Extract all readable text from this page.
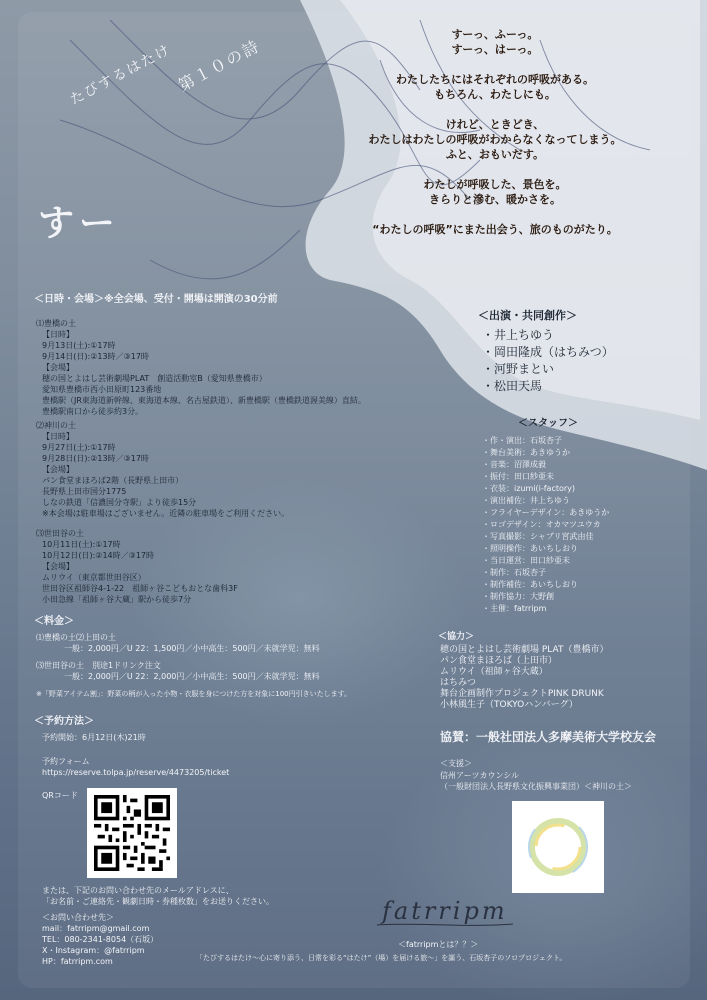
たびするはたけ 第１０の詩
すー

すーっ、ふーっ。

すーっ、はーっ。

わたしたちにはそれぞれの呼吸がある。

もちろん、わたしにも。

けれど、ときどき、

わたしはわたしの呼吸がわからなくなってしまう。

ふと、おもいだす。

わたしが呼吸した、景色を。

きらりと滲む、暖かさを。

“わたしの呼吸”にまた出会う、旅のものがたり。

＜日時・会場＞※全会場、受付・開場は開演の30分前
⑴豊橋の土
【日時】
9月13日(土):①17時
9月14日(日):②13時／③17時
【会場】
穂の国とよはし芸術劇場PLAT　創造活動室B（愛知県豊橋市）
愛知県豊橋市西小田原町123番地
豊橋駅（JR東海道新幹線、東海道本線、名古屋鉄道）、新豊橋駅（豊橋鉄道渥美線）直結。
豊橋駅南口から徒歩約3分。
⑵神川の土
【日時】
9月27日(土):①17時
9月28日(日):②13時／③17時
【会場】
パン食堂まほろば2階（長野県上田市）
長野県上田市国分1775
しなの鉄道「信濃国分寺駅」より徒歩15分
※本会場は駐車場はございません。近隣の駐車場をご利用ください。
⑶世田谷の土
10月11日(土):①17時
10月12日(日):②14時／③17時
【会場】
ムリウイ（東京都世田谷区）
世田谷区祖師谷4-1-22　祖師ヶ谷こどもおとな歯科3F
小田急線「祖師ヶ谷大蔵」駅から徒歩7分
＜料金＞
⑴豊橋の土⑵上田の土
一般：2,000円／U 22：1,500円／小中高生：500円／未就学児：無料
⑶世田谷の土　別途1ドリンク注文
一般：2,000円／U 22：2,000円／小中高生：500円／未就学児：無料
※「野菜アイテム割」：野菜の柄が入った小物・衣服を身につけた方を対象に100円引きいたします。
＜予約方法＞
予約開始：6月12日(木)21時
予約フォーム
https://reserve.tolpa.jp/reserve/4473205/ticket
QRコード
または、下記のお問い合わせ先のメールアドレスに、
「お名前・ご連絡先・観劇日時・券種枚数」をお送りください。
＜お問い合わせ先＞
mail：fatrripm@gmail.com
TEL：080-2341-8054（石坂）
X・Instagram：@fatrripm
HP：fatrripm.com
＜出演・共同創作＞
・井上ちゆう
・岡田隆成（はちみつ）
・河野まとい
・松田天馬
＜スタッフ＞
・作・演出：石坂杏子
・舞台美術：あきゆうか
・音楽：沼澤成毅
・振付：田口紗亜未
・衣装：izumi(i-factory)
・演出補佐：井上ちゆう
・フライヤーデザイン：あきゆうか
・ロゴデザイン：オカマツユウカ
・写真撮影：シャブリ宮武由佳
・照明操作：あいちしおり
・当日運営：田口紗亜未
・制作：石坂杏子
・制作補佐：あいちしおり
・制作協力：大野創
・主催：fatrripm
＜協力＞
穂の国とよはし芸術劇場 PLAT（豊橋市）
パン食堂まほろば（上田市）
ムリウイ（祖師ヶ谷大蔵）
はちみつ
舞台企画制作プロジェクトPINK DRUNK
小林風生子（TOKYOハンバーグ）
協賛：一般社団法人多摩美術大学校友会
＜支援＞
信州アーツカウンシル
（一般財団法人長野県文化振興事業団）＜神川の土＞
fatrripm
＜fatrripmとは？？＞
「たびするはたけ～心に寄り添う、日常を彩る“はたけ”（場）を届ける旅～」を謳う、石坂杏子のソロプロジェクト。
